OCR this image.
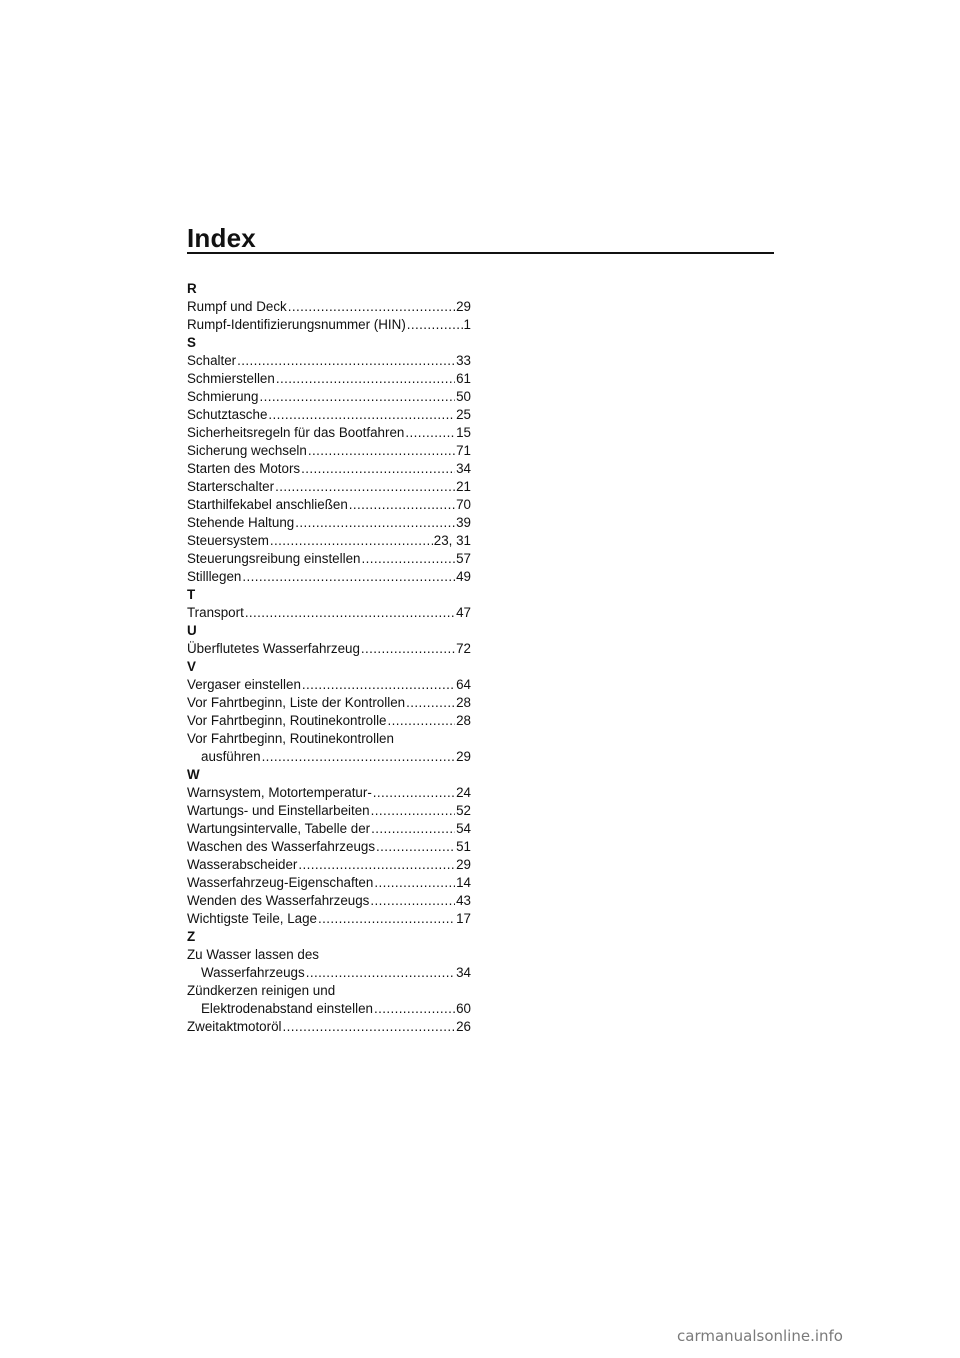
Index
R
Rumpf und Deck .....	29
Rumpf-Identifizierungsnummer (HIN) .....	1
S
Schalter .....	33
Schmierstellen .....	61
Schmierung .....	50
Schutztasche .....	25
Sicherheitsregeln für das Bootfahren .....	15
Sicherung wechseln .....	71
Starten des Motors .....	34
Starterschalter .....	21
Starthilfekabel anschließen .....	70
Stehende Haltung .....	39
Steuersystem .....	23, 31
Steuerungsreibung einstellen .....	57
Stilllegen .....	49
T
Transport .....	47
U
Überflutetes Wasserfahrzeug .....	72
V
Vergaser einstellen .....	64
Vor Fahrtbeginn, Liste der Kontrollen .....	28
Vor Fahrtbeginn, Routinekontrolle .....	28
Vor Fahrtbeginn, Routinekontrollen
ausführen .....	29
W
Warnsystem, Motortemperatur- .....	24
Wartungs- und Einstellarbeiten .....	52
Wartungsintervalle, Tabelle der .....	54
Waschen des Wasserfahrzeugs .....	51
Wasserabscheider .....	29
Wasserfahrzeug-Eigenschaften .....	14
Wenden des Wasserfahrzeugs .....	43
Wichtigste Teile, Lage .....	17
Z
Zu Wasser lassen des
Wasserfahrzeugs .....	34
Zündkerzen reinigen und
Elektrodenabstand einstellen .....	60
Zweitaktmotoröl .....	26
carmanualsonline.info
